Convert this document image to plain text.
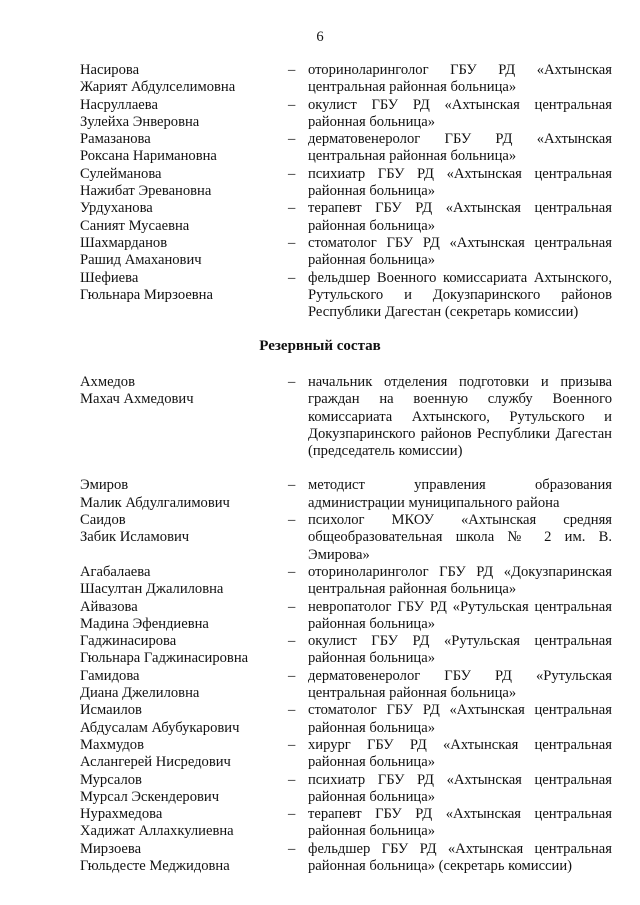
6
Насирова
Жарият Абдулселимовна
– оториноларинголог ГБУ РД «Ахтынская центральная районная больница»
Насруллаева
Зулейха Энверовна
– окулист ГБУ РД «Ахтынская центральная районная больница»
Рамазанова
Роксана Наримановна
– дерматовенеролог ГБУ РД «Ахтынская центральная районная больница»
Сулейманова
Нажибат Эревановна
– психиатр ГБУ РД «Ахтынская центральная районная больница»
Урдуханова
Саният Мусаевна
– терапевт ГБУ РД «Ахтынская центральная районная больница»
Шахмарданов
Рашид Амаханович
– стоматолог ГБУ РД «Ахтынская центральная районная больница»
Шефиева
Гюльнара Мирзоевна
– фельдшер Военного комиссариата Ахтынского, Рутульского и Докузпаринского районов Республики Дагестан (секретарь комиссии)
Резервный состав
Ахмедов
Махач Ахмедович
– начальник отделения подготовки и призыва граждан на военную службу Военного комиссариата Ахтынского, Рутульского и Докузпаринского районов Республики Дагестан (председатель комиссии)
Эмиров
Малик Абдулгалимович
– методист управления образования администрации муниципального района
Саидов
Забик Исламович
– психолог МКОУ «Ахтынская средняя общеобразовательная школа № 2 им. В. Эмирова»
Агабалаева
Шасултан Джалиловна
– оториноларинголог ГБУ РД «Докузпаринская центральная районная больница»
Айвазова
Мадина Эфендиевна
– невропатолог ГБУ РД «Рутульская центральная районная больница»
Гаджинасирова
Гюльнара Гаджинасировна
– окулист ГБУ РД «Рутульская центральная районная больница»
Гамидова
Диана Джелиловна
– дерматовенеролог ГБУ РД «Рутульская центральная районная больница»
Исмаилов
Абдусалам Абубукарович
– стоматолог ГБУ РД «Ахтынская центральная районная больница»
Махмудов
Аслангерей Нисредович
– хирург ГБУ РД «Ахтынская центральная районная больница»
Мурсалов
Мурсал Эскендерович
– психиатр ГБУ РД «Ахтынская центральная районная больница»
Нурахмедова
Хадижат Аллахкулиевна
– терапевт ГБУ РД «Ахтынская центральная районная больница»
Мирзоева
Гюльдесте Меджидовна
– фельдшер ГБУ РД «Ахтынская центральная районная больница» (секретарь комиссии)
